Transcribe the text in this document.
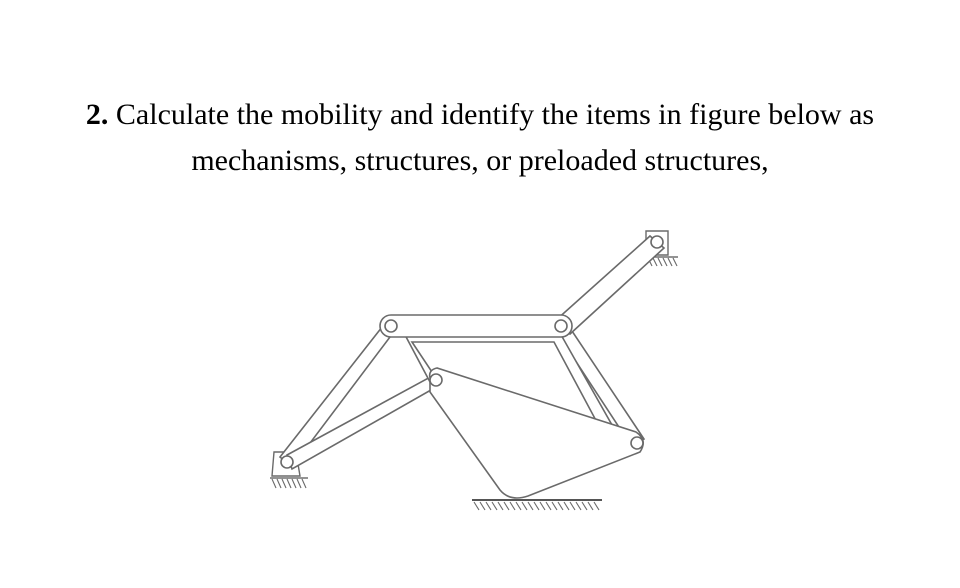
2. Calculate the mobility and identify the items in figure below as
mechanisms, structures, or preloaded structures,
